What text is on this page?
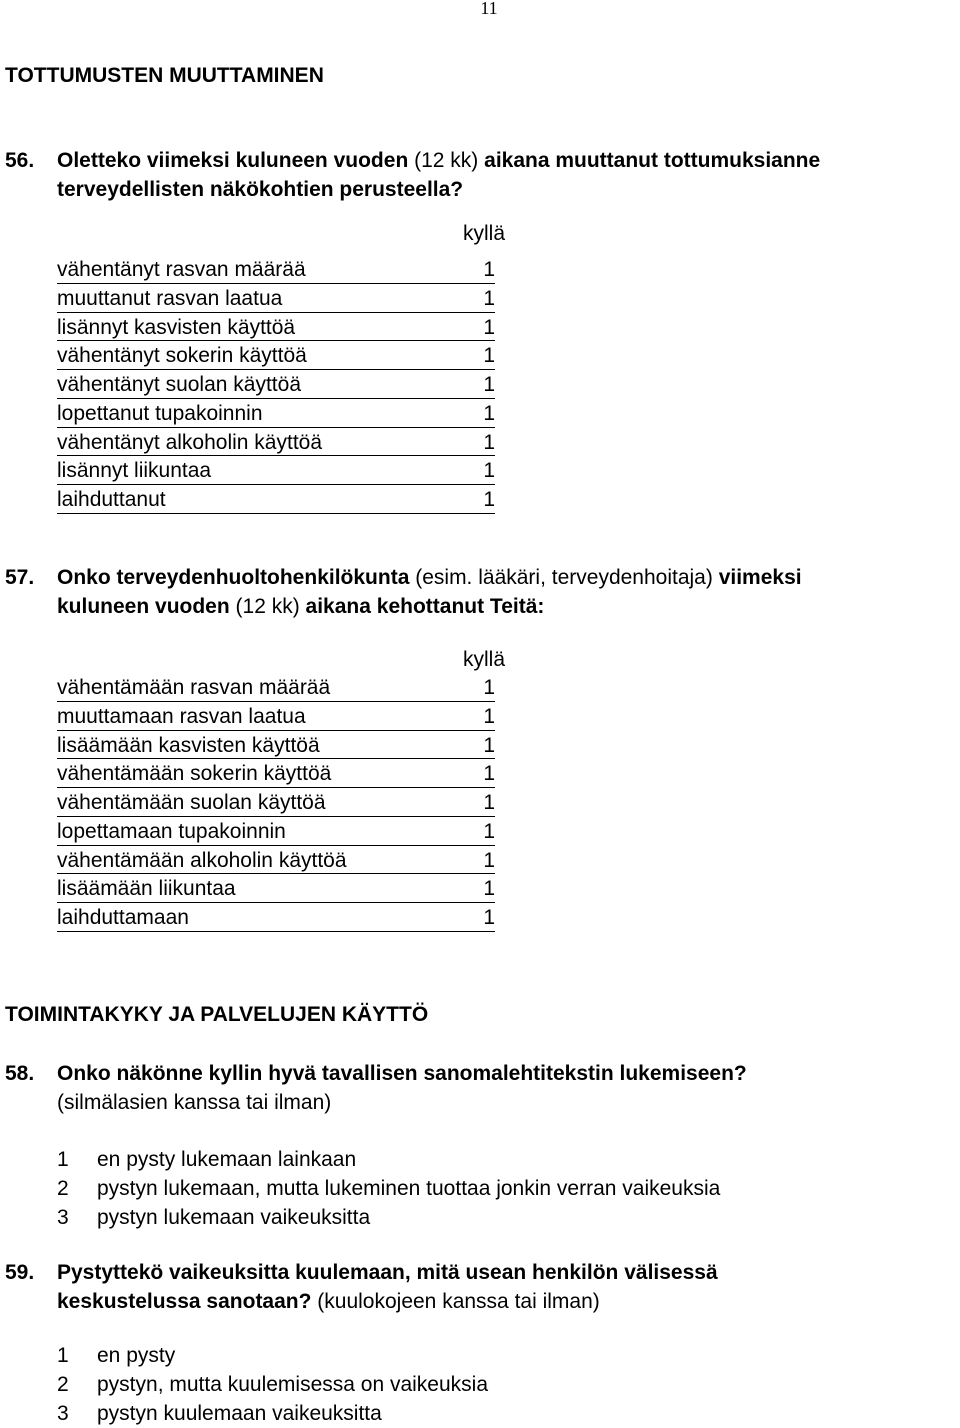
11
TOTTUMUSTEN MUUTTAMINEN
56. Oletteko viimeksi kuluneen vuoden (12 kk) aikana muuttanut tottumuksianne
terveydellisten näkökohtien perusteella?
kyllä
vähentänyt rasvan määrää	1
muuttanut rasvan laatua	1
lisännyt kasvisten käyttöä	1
vähentänyt sokerin käyttöä	1
vähentänyt suolan käyttöä	1
lopettanut tupakoinnin	1
vähentänyt alkoholin käyttöä	1
lisännyt liikuntaa	1
laihduttanut	1
57. Onko terveydenhuoltohenkilökunta (esim. lääkäri, terveydenhoitaja) viimeksi
kuluneen vuoden (12 kk) aikana kehottanut Teitä:
kyllä
vähentämään rasvan määrää	1
muuttamaan rasvan laatua	1
lisäämään kasvisten käyttöä	1
vähentämään sokerin käyttöä	1
vähentämään suolan käyttöä	1
lopettamaan tupakoinnin	1
vähentämään alkoholin käyttöä	1
lisäämään liikuntaa	1
laihduttamaan	1
TOIMINTAKYKY JA PALVELUJEN KÄYTTÖ
58. Onko näkönne kyllin hyvä tavallisen sanomalehtitekstin lukemiseen?
(silmälasien kanssa tai ilman)
1 en pysty lukemaan lainkaan
2 pystyn lukemaan, mutta lukeminen tuottaa jonkin verran vaikeuksia
3 pystyn lukemaan vaikeuksitta
59. Pystyttekö vaikeuksitta kuulemaan, mitä usean henkilön välisessä
keskustelussa sanotaan? (kuulokojeen kanssa tai ilman)
1 en pysty
2 pystyn, mutta kuulemisessa on vaikeuksia
3 pystyn kuulemaan vaikeuksitta
